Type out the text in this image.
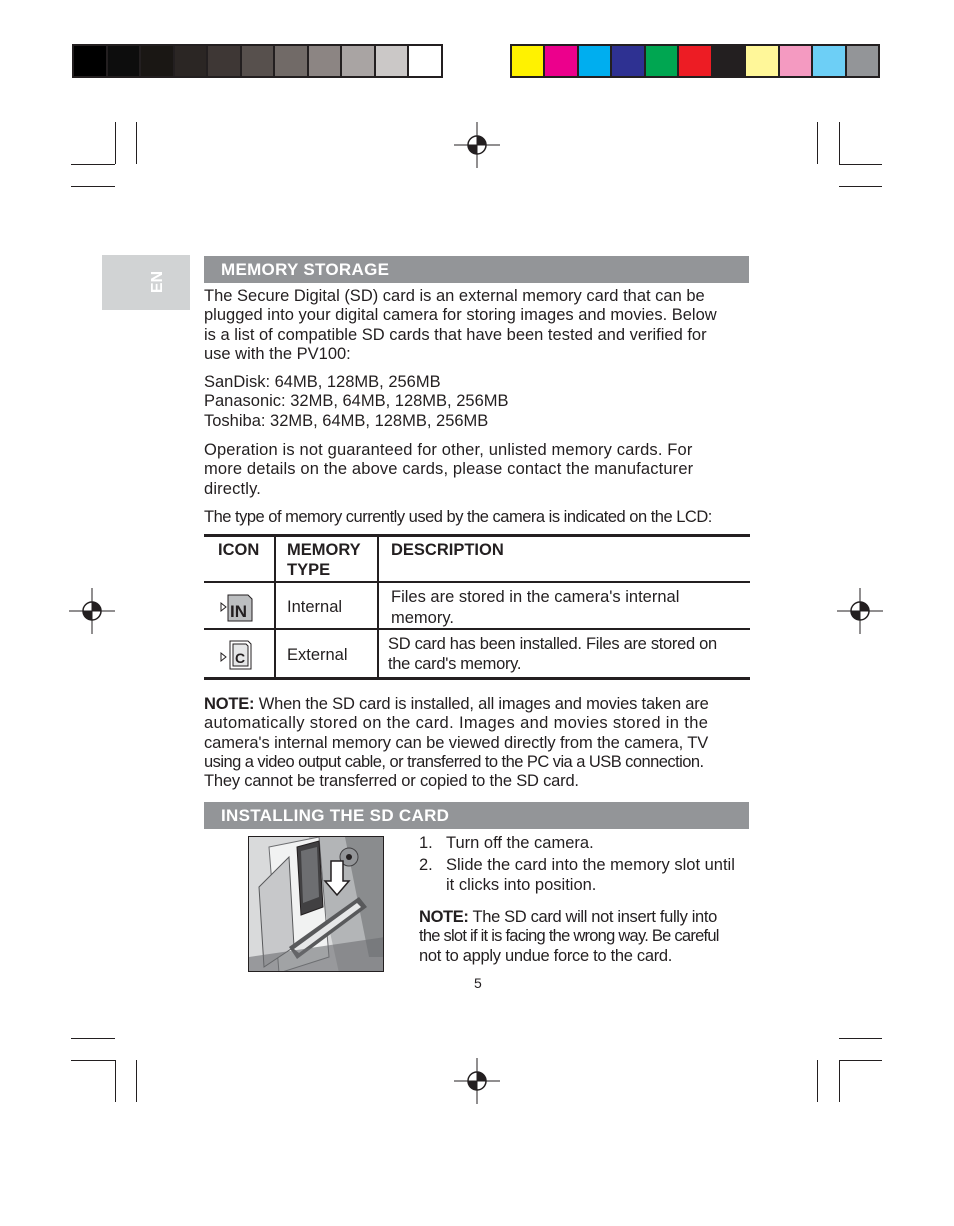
EN
MEMORY STORAGE

The Secure Digital (SD) card is an external memory card that can be
plugged into your digital camera for storing images and movies. Below
is a list of compatible SD cards that have been tested and verified for
use with the PV100:

SanDisk: 64MB, 128MB, 256MB
Panasonic: 32MB, 64MB, 128MB, 256MB
Toshiba: 32MB, 64MB, 128MB, 256MB

Operation is not guaranteed for other, unlisted memory cards. For
more details on the above cards, please contact the manufacturer
directly.

The type of memory currently used by the camera is indicated on the LCD:

ICON MEMORY
TYPE
DESCRIPTION
IN Internal
Files are stored in the camera's internal
memory.
C	External
SD card has been installed. Files are stored on
the card's memory.

NOTE: When the SD card is installed, all images and movies taken are
automatically stored on the card. Images and movies stored in the
camera's internal memory can be viewed directly from the camera, TV
using a video output cable, or transferred to the PC via a USB connection.
They cannot be transferred or copied to the SD card.

INSTALLING THE SD CARD
1. Turn off the camera.
2. Slide the card into the memory slot until
it clicks into position.

NOTE: The SD card will not insert fully into
the slot if it is facing the wrong way. Be careful
not to apply undue force to the card.

5
